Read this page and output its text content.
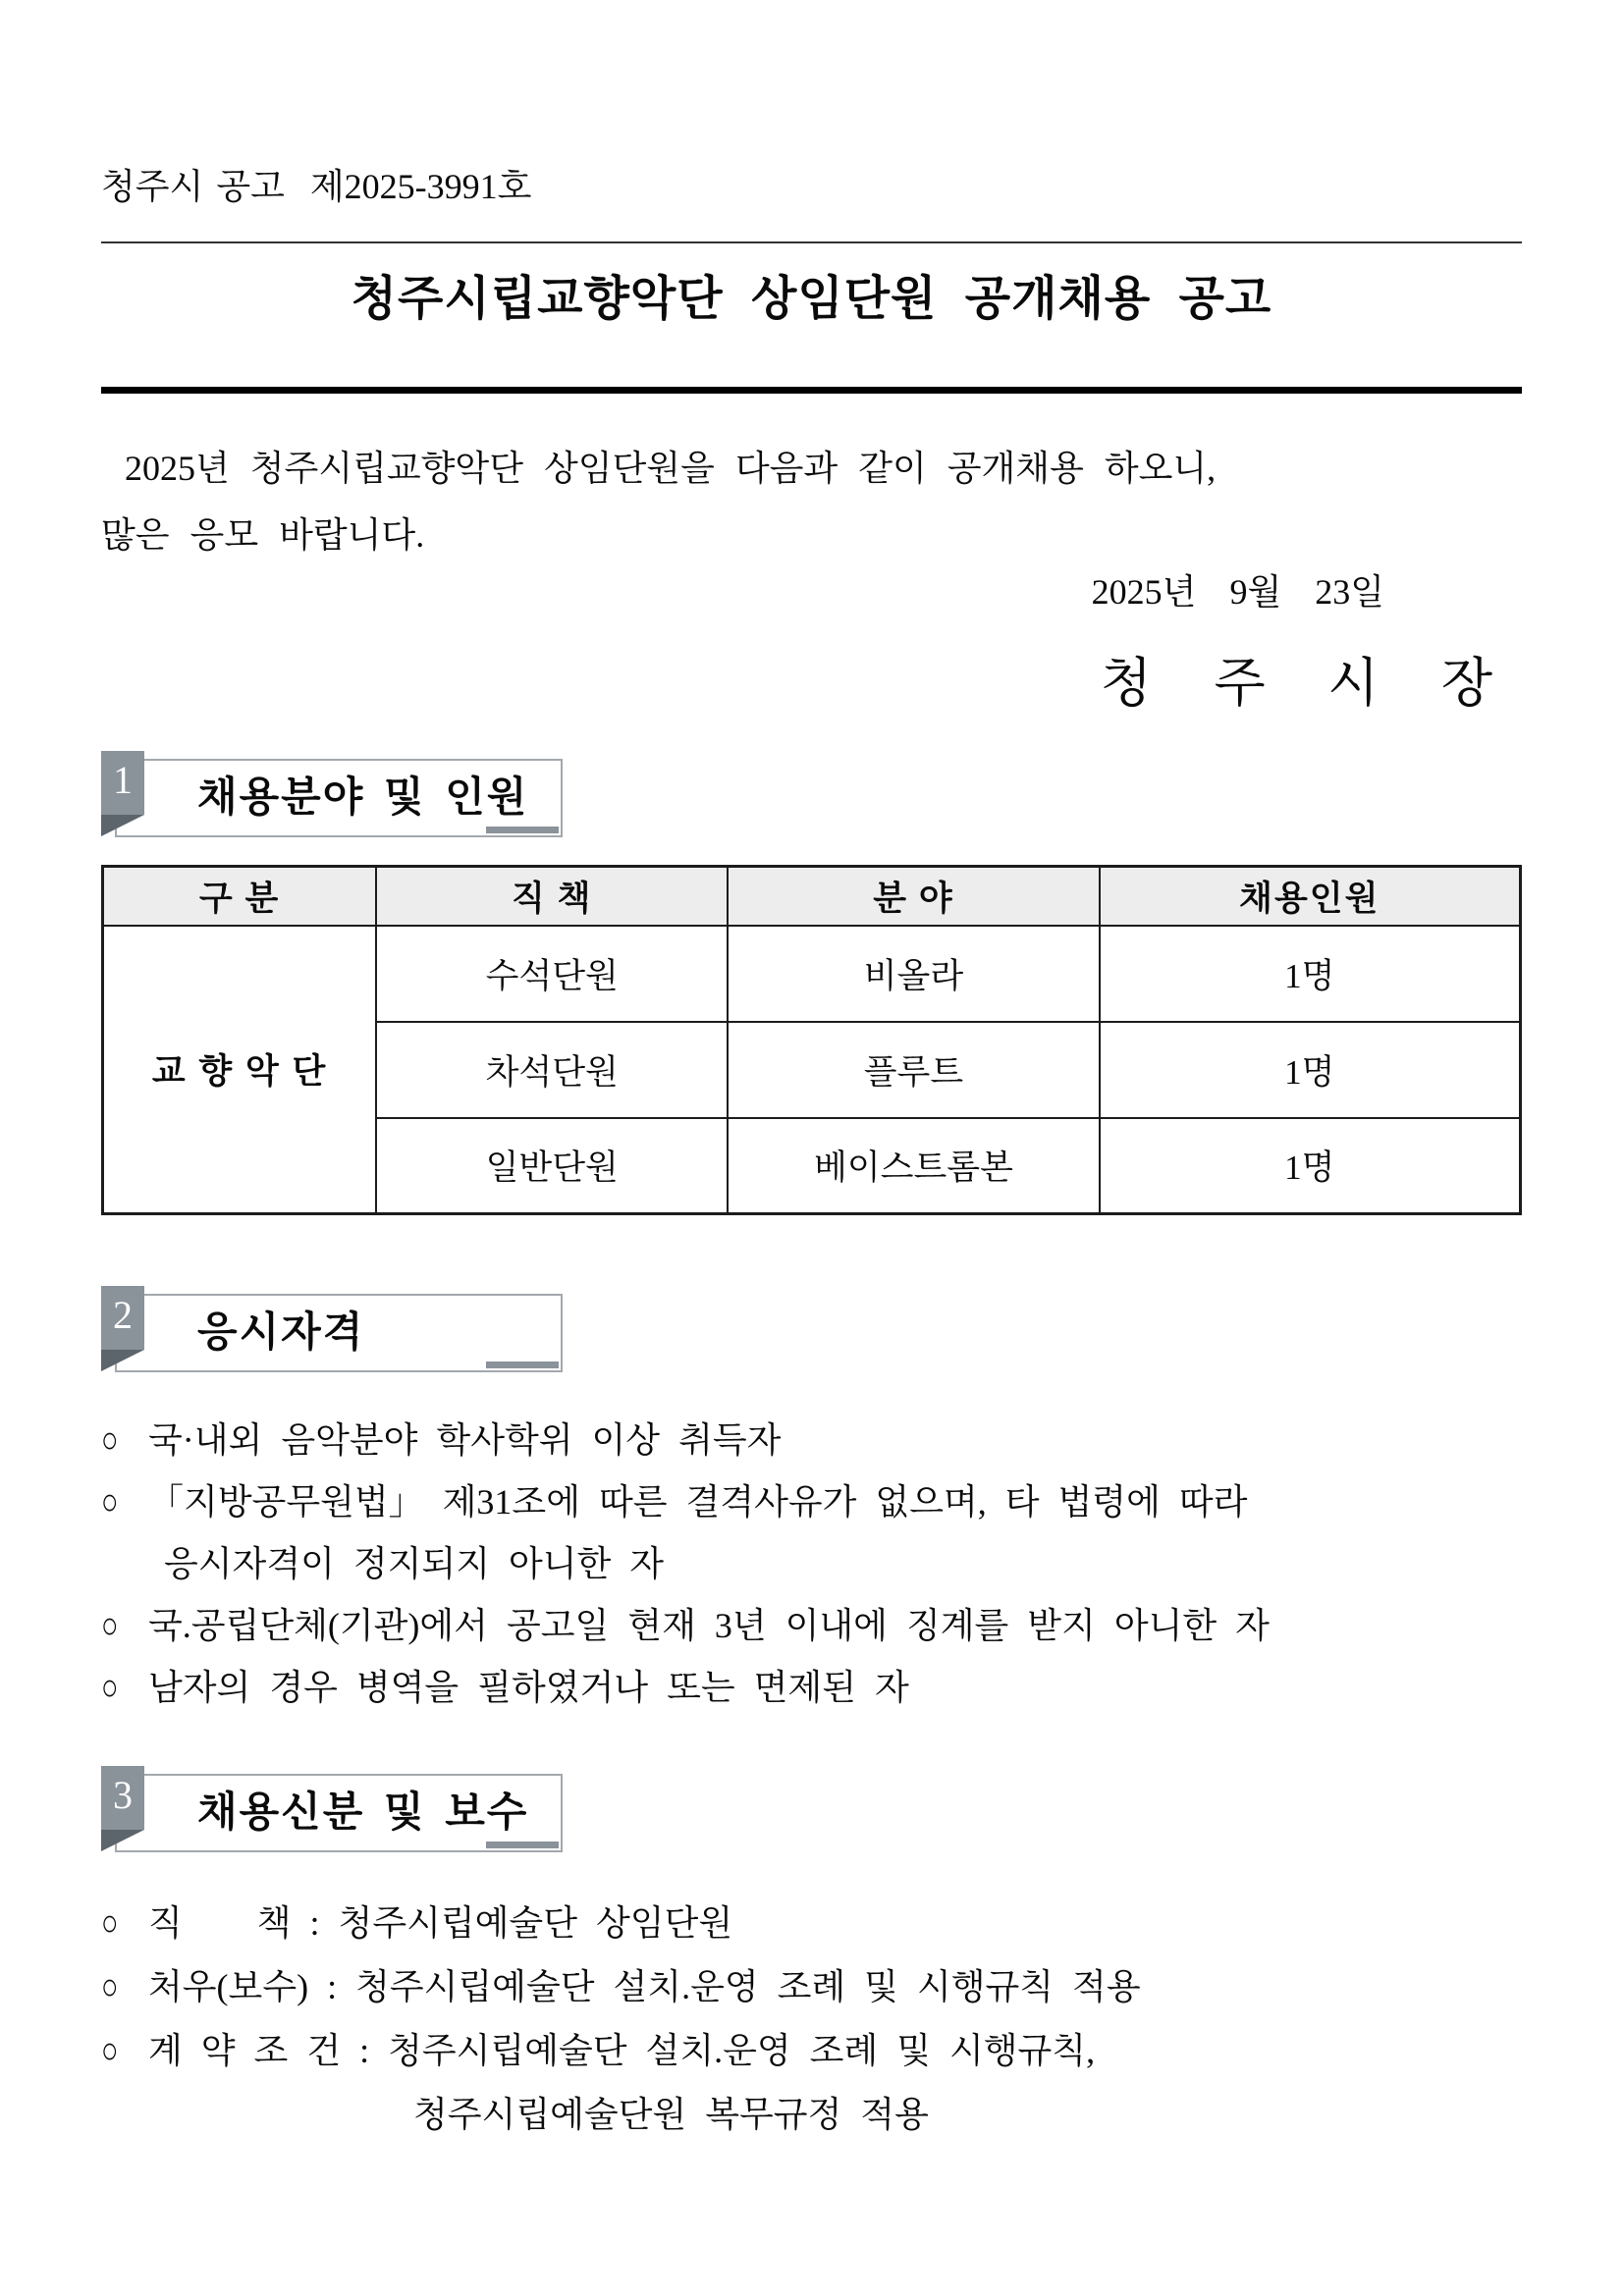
청주시 공고  제2025-3991호
청주시립교향악단 상임단원 공개채용 공고
2025년 청주시립교향악단 상임단원을 다음과 같이 공개채용 하오니,
많은 응모 바랍니다.
2025년  9월  23일
청 주 시 장
채용분야 및 인원
1
구 분	직 책	분 야	채용인원
교 향 악 단	수석단원	비올라	1명
	차석단원	플루트	1명
	일반단원	베이스트롬본	1명
응시자격
2
○ 국·내외 음악분야 학사학위 이상 취득자
○ 「지방공무원법」 제31조에 따른 결격사유가 없으며, 타 법령에 따라
응시자격이 정지되지 아니한 자
○ 국.공립단체(기관)에서 공고일 현재 3년 이내에 징계를 받지 아니한 자
○ 남자의 경우 병역을 필하였거나 또는 면제된 자
채용신분 및 보수
3
○ 직    책 : 청주시립예술단 상임단원
○ 처우(보수) : 청주시립예술단 설치.운영 조례 및 시행규칙 적용
○ 계 약 조 건 : 청주시립예술단 설치.운영 조례 및 시행규칙,
청주시립예술단원 복무규정 적용
